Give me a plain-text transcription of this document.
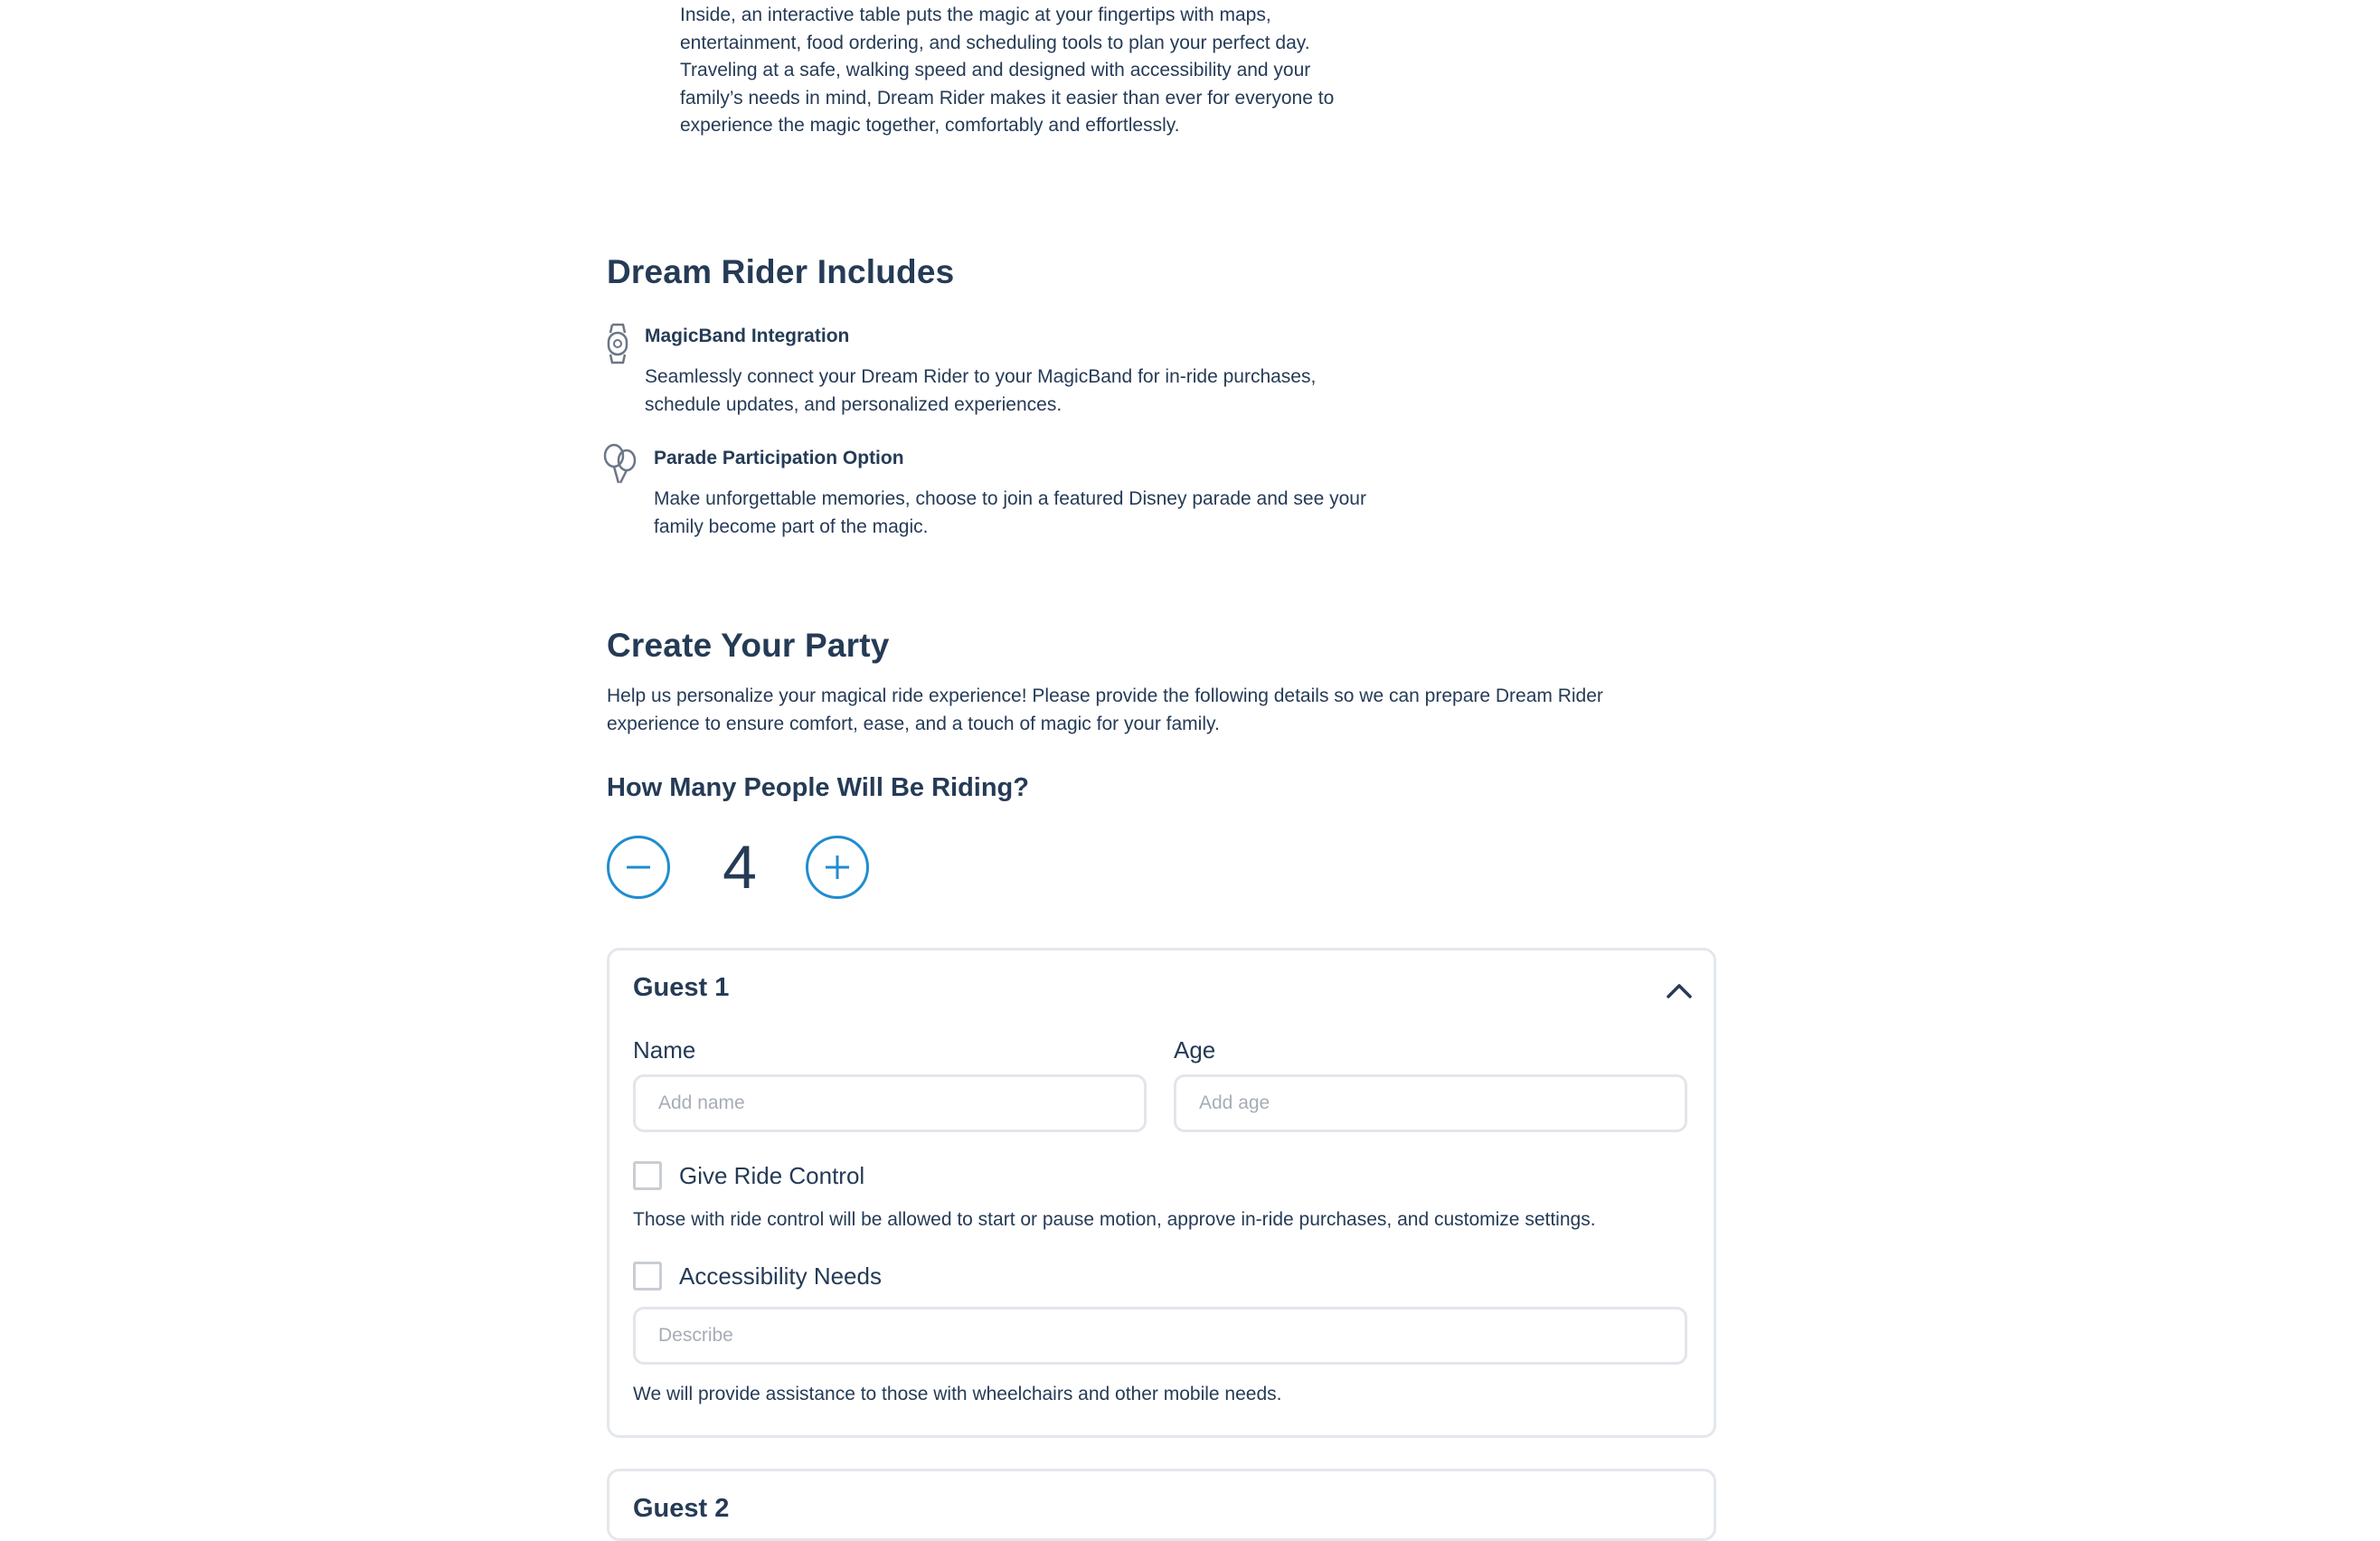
Inside, an interactive table puts the magic at your fingertips with maps, entertainment, food ordering, and scheduling tools to plan your perfect day.

Traveling at a safe, walking speed and designed with accessibility and your family’s needs in mind, Dream Rider makes it easier than ever for everyone to experience the magic together, comfortably and effortlessly.

Dream Rider Includes
MagicBand Integration
Seamlessly connect your Dream Rider to your MagicBand for in-ride purchases, schedule updates, and personalized experiences.
Parade Participation Option
Make unforgettable memories, choose to join a featured Disney parade and see your family become part of the magic.
Create Your Party
Help us personalize your magical ride experience! Please provide the following details so we can prepare Dream Rider experience to ensure comfort, ease, and a touch of magic for your family.
How Many People Will Be Riding?
4
Guest 1
Name
Add name	Age
Add age
Give Ride Control
Those with ride control will be allowed to start or pause motion, approve in-ride purchases, and customize settings.
Accessibility Needs
Describe
We will provide assistance to those with wheelchairs and other mobile needs.
Guest 2
